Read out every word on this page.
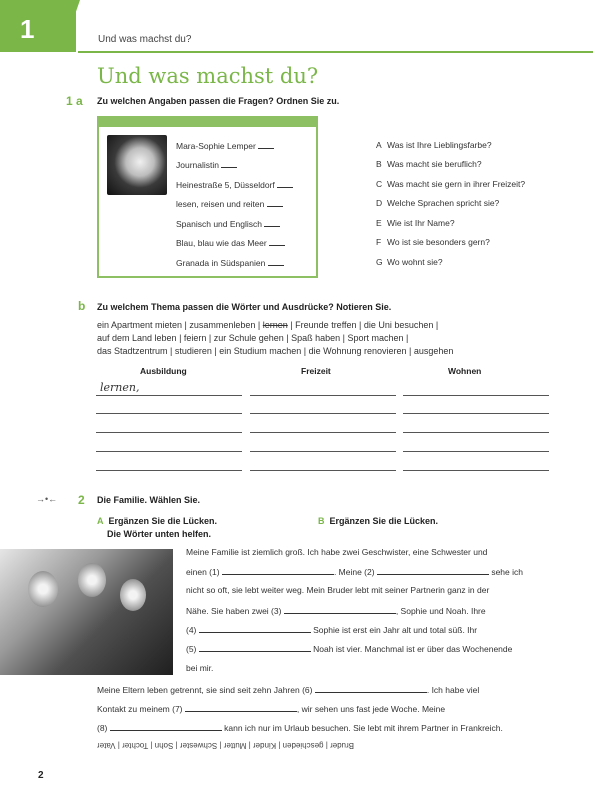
1	Und was machst du?
Und was machst du?
1 a Zu welchen Angaben passen die Fragen? Ordnen Sie zu.
Mara-Sophie Lemper
Journalistin
Heinestraße 5, Düsseldorf
lesen, reisen und reiten
Spanisch und Englisch
Blau, blau wie das Meer
Granada in Südspanien
A Was ist Ihre Lieblingsfarbe?
B Was macht sie beruflich?
C Was macht sie gern in ihrer Freizeit?
D Welche Sprachen spricht sie?
E Wie ist Ihr Name?
F Wo ist sie besonders gern?
G Wo wohnt sie?
b Zu welchem Thema passen die Wörter und Ausdrücke? Notieren Sie.
ein Apartment mieten | zusammenleben | lernen | Freunde treffen | die Uni besuchen |
auf dem Land leben | feiern | zur Schule gehen | Spaß haben | Sport machen |
das Stadtzentrum | studieren | ein Studium machen | die Wohnung renovieren | ausgehen
Ausbildung	Freizeit	Wohnen
lernen,
→•← 2 Die Familie. Wählen Sie.
A Ergänzen Sie die Lücken.
Die Wörter unten helfen.
B Ergänzen Sie die Lücken.
Meine Familie ist ziemlich groß. Ich habe zwei Geschwister, eine Schwester und
einen (1)	. Meine (2)	sehe ich
nicht so oft, sie lebt weiter weg. Mein Bruder lebt mit seiner Partnerin ganz in der
Nähe. Sie haben zwei (3)	, Sophie und Noah. Ihre
(4)	Sophie ist erst ein Jahr alt und total süß. Ihr
(5)	Noah ist vier. Manchmal ist er über das Wochenende
bei mir.
Meine Eltern leben getrennt, sie sind seit zehn Jahren (6)	. Ich habe viel
Kontakt zu meinem (7)	, wir sehen uns fast jede Woche. Meine
(8)	kann ich nur im Urlaub besuchen. Sie lebt mit ihrem Partner in Frankreich.
Bruder | geschieden | Kinder | Mutter | Schwester | Sohn | Tochter | Vater
2
